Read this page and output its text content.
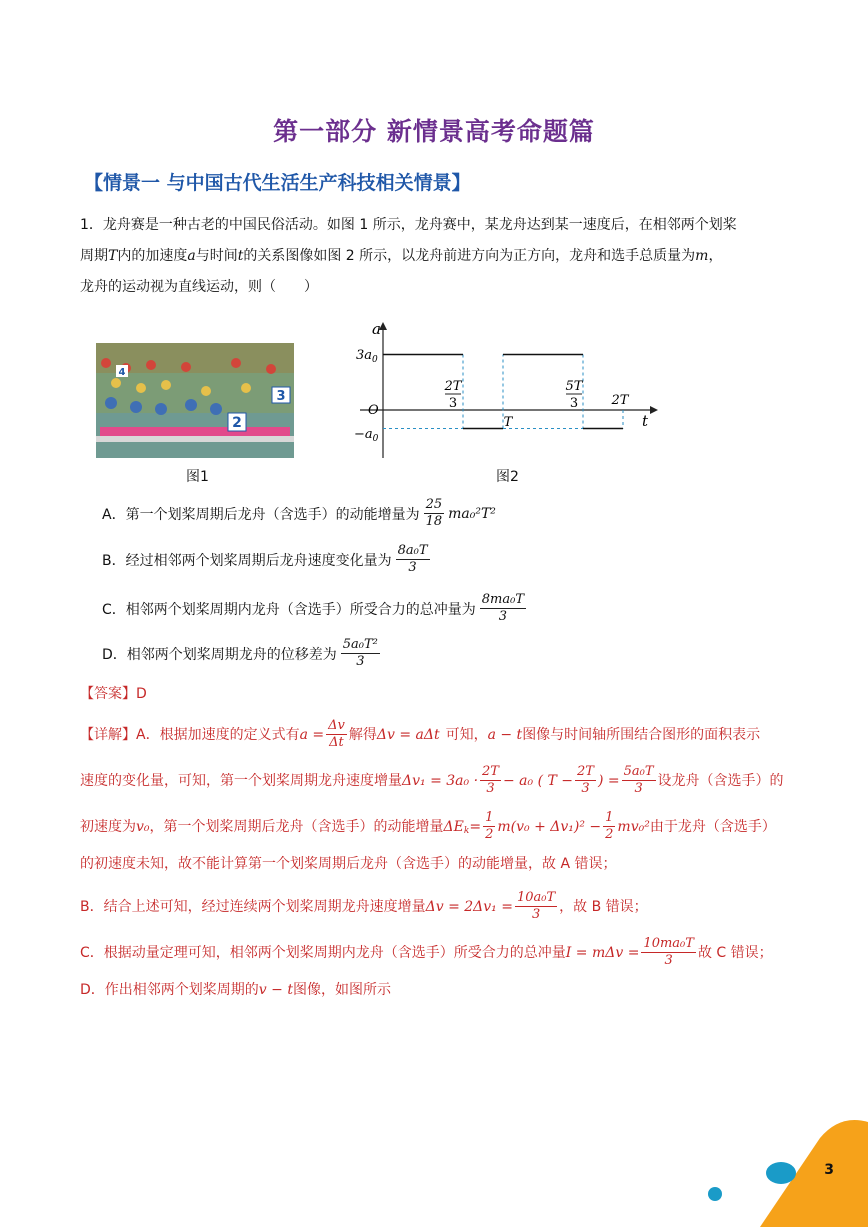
第一部分 新情景高考命题篇
【情景一 与中国古代生活生产科技相关情景】
1．龙舟赛是一种古老的中国民俗活动。如图 1 所示，龙舟赛中，某龙舟达到某一速度后，在相邻两个划桨
周期T内的加速度a与时间t的关系图像如图 2 所示，以龙舟前进方向为正方向，龙舟和选手总质量为m，
龙舟的运动视为直线运动，则（　　）
3
2
4
图1
a
t
O
$3a_0$
$-a_0$
2T
3
T
5T
3	2T
图2
A．第一个划桨周期后龙舟（含选手）的动能增量为 $\frac{25}{18} ma_0^2T^2$
B．经过相邻两个划桨周期后龙舟速度变化量为 $\frac{\text{8a₀T}}{3}$
C．相邻两个划桨周期内龙舟（含选手）所受合力的总冲量为 $\frac{\text{8ma₀T}}{3}$
D．相邻两个划桨周期龙舟的位移差为 $\frac{\text{5a₀T²}}{3}$
【答案】D
【详解】A．根据加速度的定义式有 $a = \frac{\Delta v}{\Delta t}$ 解得 Δv = aΔt 可知， a − t 图像与时间轴所围结合图形的面积表示
速度的变化量，可知，第一个划桨周期龙舟速度增量 $\Delta v_1 = 3a_0 \cdot \frac{2T}{3} - a_0$ ( $T - \frac{2T}{3}$ ) = $\frac{\text{5a₀T}}{3}$ 设龙舟（含选手）的
初速度为 v₀ ，第一个划桨周期后龙舟（含选手）的动能增量 ΔE $k = \frac{1}{2} m(v_0 + \Delta v_1)^2 - \frac{1}{2} mv_0^2$ 由于龙舟（含选手）
的初速度未知，故不能计算第一个划桨周期后龙舟（含选手）的动能增量，故 A 错误；
B．结合上述可知，经过连续两个划桨周期龙舟速度增量 $\Delta v = 2\Delta v_1 = \frac{\text{10a₀T}}{3}$ ，故 B 错误；
C．根据动量定理可知，相邻两个划桨周期内龙舟（含选手）所受合力的总冲量 $I = m\Delta v = \frac{\text{10ma₀T}}{3}$ 故 C 错误；
D．作出相邻两个划桨周期的 v − t 图像，如图所示
3
